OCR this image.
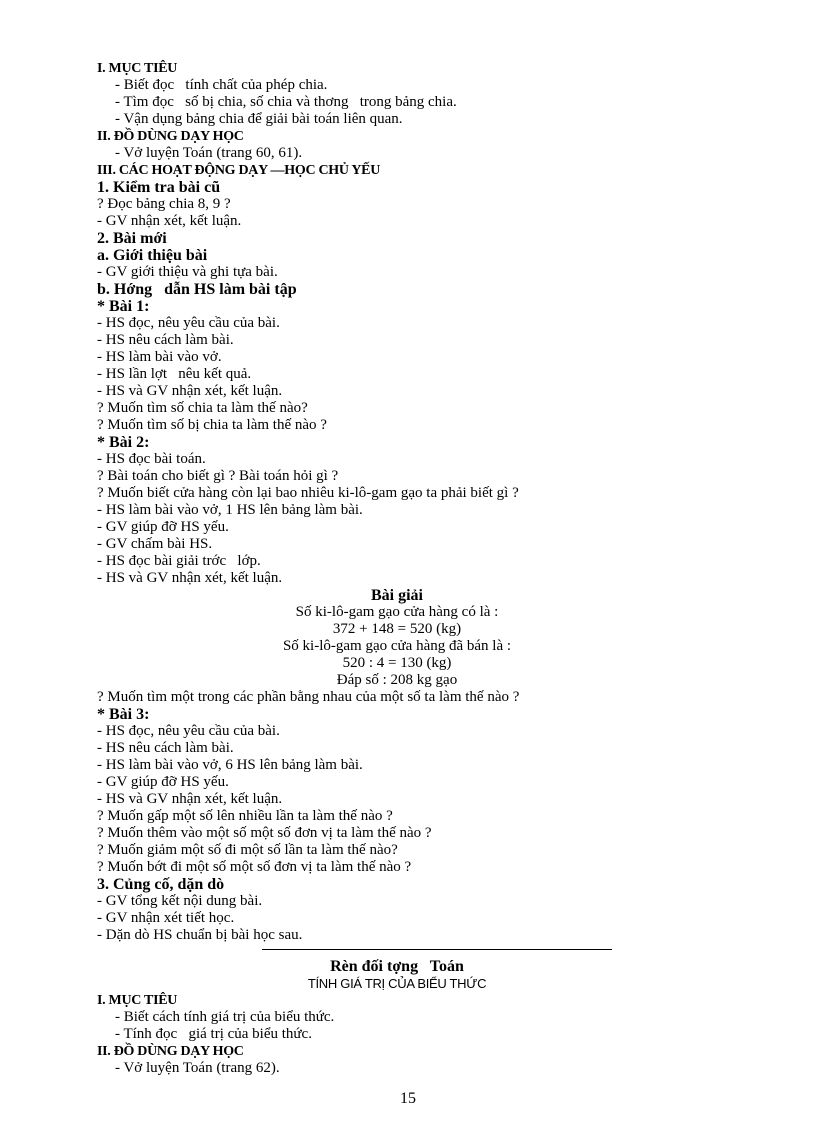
I. MỤC TIÊU
- Biết đọc   tính chất của phép chia.
- Tìm đọc   số bị chia, số chia và thơng   trong bảng chia.
- Vận dụng bảng chia để giải bài toán liên quan.
II. ĐỒ DÙNG DẠY HỌC
- Vở luyện Toán (trang 60, 61).
III. CÁC HOẠT ĐỘNG DẠY —HỌC CHỦ YẾU
1. Kiểm tra bài cũ
? Đọc bảng chia 8, 9 ?
- GV nhận xét, kết luận.
2. Bài mới
a. Giới thiệu bài
- GV giới thiệu và ghi tựa bài.
b. Hớng   dẫn HS làm bài tập
* Bài 1:
- HS đọc, nêu yêu cầu của bài.
- HS nêu cách làm bài.
- HS làm bài vào vở.
- HS lần lợt   nêu kết quả.
- HS và GV nhận xét, kết luận.
? Muốn tìm số chia ta làm thế nào?
? Muốn tìm số bị chia ta làm thế nào ?
* Bài 2:
- HS đọc bài toán.
? Bài toán cho biết gì ? Bài toán hỏi gì ?
? Muốn biết cửa hàng còn lại bao nhiêu ki-lô-gam gạo ta phải biết gì ?
- HS làm bài vào vở, 1 HS lên bảng làm bài.
- GV giúp đỡ HS yếu.
- GV chấm bài HS.
- HS đọc bài giải trớc   lớp.
- HS và GV nhận xét, kết luận.
Bài giải
Số ki-lô-gam gạo cửa hàng có là :
372 + 148 = 520 (kg)
Số ki-lô-gam gạo cửa hàng đã bán là :
520 : 4 = 130 (kg)
Đáp số : 208 kg gạo
? Muốn tìm một trong các phần bằng nhau của một số ta làm thế nào ?
* Bài 3:
- HS đọc, nêu yêu cầu của bài.
- HS nêu cách làm bài.
- HS làm bài vào vở, 6 HS lên bảng làm bài.
- GV giúp đỡ HS yếu.
- HS và GV nhận xét, kết luận.
? Muốn gấp một số lên nhiều lần ta làm thế nào ?
? Muốn thêm vào một số một số đơn vị ta làm thế nào ?
? Muốn giảm một số đi một số lần ta làm thế nào?
? Muốn bớt đi một số một số đơn vị ta làm thế nào ?
3. Củng cố, dặn dò
- GV tổng kết nội dung bài.
- GV nhận xét tiết học.
- Dặn dò HS chuẩn bị bài học sau.
Rèn đối tợng   Toán
TÍNH GIÁ TRỊ CỦA BIỂU THỨC
I. MỤC TIÊU
- Biết cách tính giá trị của biểu thức.
- Tính đọc   giá trị của biểu thức.
II. ĐỒ DÙNG DẠY HỌC
- Vở luyện Toán (trang 62).
15
